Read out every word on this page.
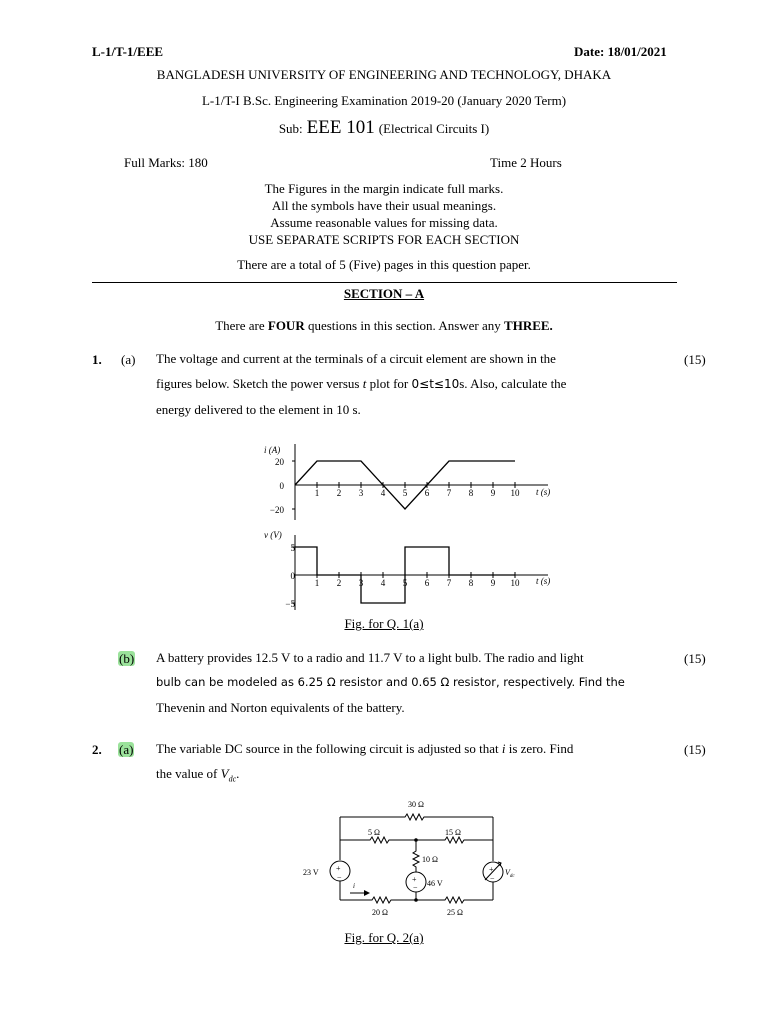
L-1/T-1/EEE	Date: 18/01/2021
BANGLADESH UNIVERSITY OF ENGINEERING AND TECHNOLOGY, DHAKA
L-1/T-I B.Sc. Engineering Examination 2019-20 (January 2020 Term)
Sub: EEE 101 (Electrical Circuits I)
Full Marks: 180	Time 2 Hours
The Figures in the margin indicate full marks.
All the symbols have their usual meanings.
Assume reasonable values for missing data.
USE SEPARATE SCRIPTS FOR EACH SECTION
There are a total of 5 (Five) pages in this question paper.
SECTION – A
There are FOUR questions in this section. Answer any THREE.
1. (a)	(15)
The voltage and current at the terminals of a circuit element are shown in the
figures below. Sketch the power versus t plot for 0≤t≤10s. Also, calculate the
energy delivered to the element in 10 s.
1 2 3 4 5 6 7 8 9 10
i (A)
20
0
−20
t (s)
1 2 3 4 5 6 7 8 9 10
v (V)
5
0
−5
t (s)
Fig. for Q. 1(a)
(b)	(15)
A battery provides 12.5 V to a radio and 11.7 V to a light bulb. The radio and light
bulb can be modeled as 6.25 Ω resistor and 0.65 Ω resistor, respectively. Find the
Thevenin and Norton equivalents of the battery.
2. (a)	(15)
The variable DC source in the following circuit is adjusted so that i is zero. Find
the value of $V_{dc}$.
30 Ω
5 Ω	15 Ω
10 Ω
23 V
46 V
$V_{dc}$
20 Ω	25 Ω
i
+
−	+
−
+
−
Fig. for Q. 2(a)
